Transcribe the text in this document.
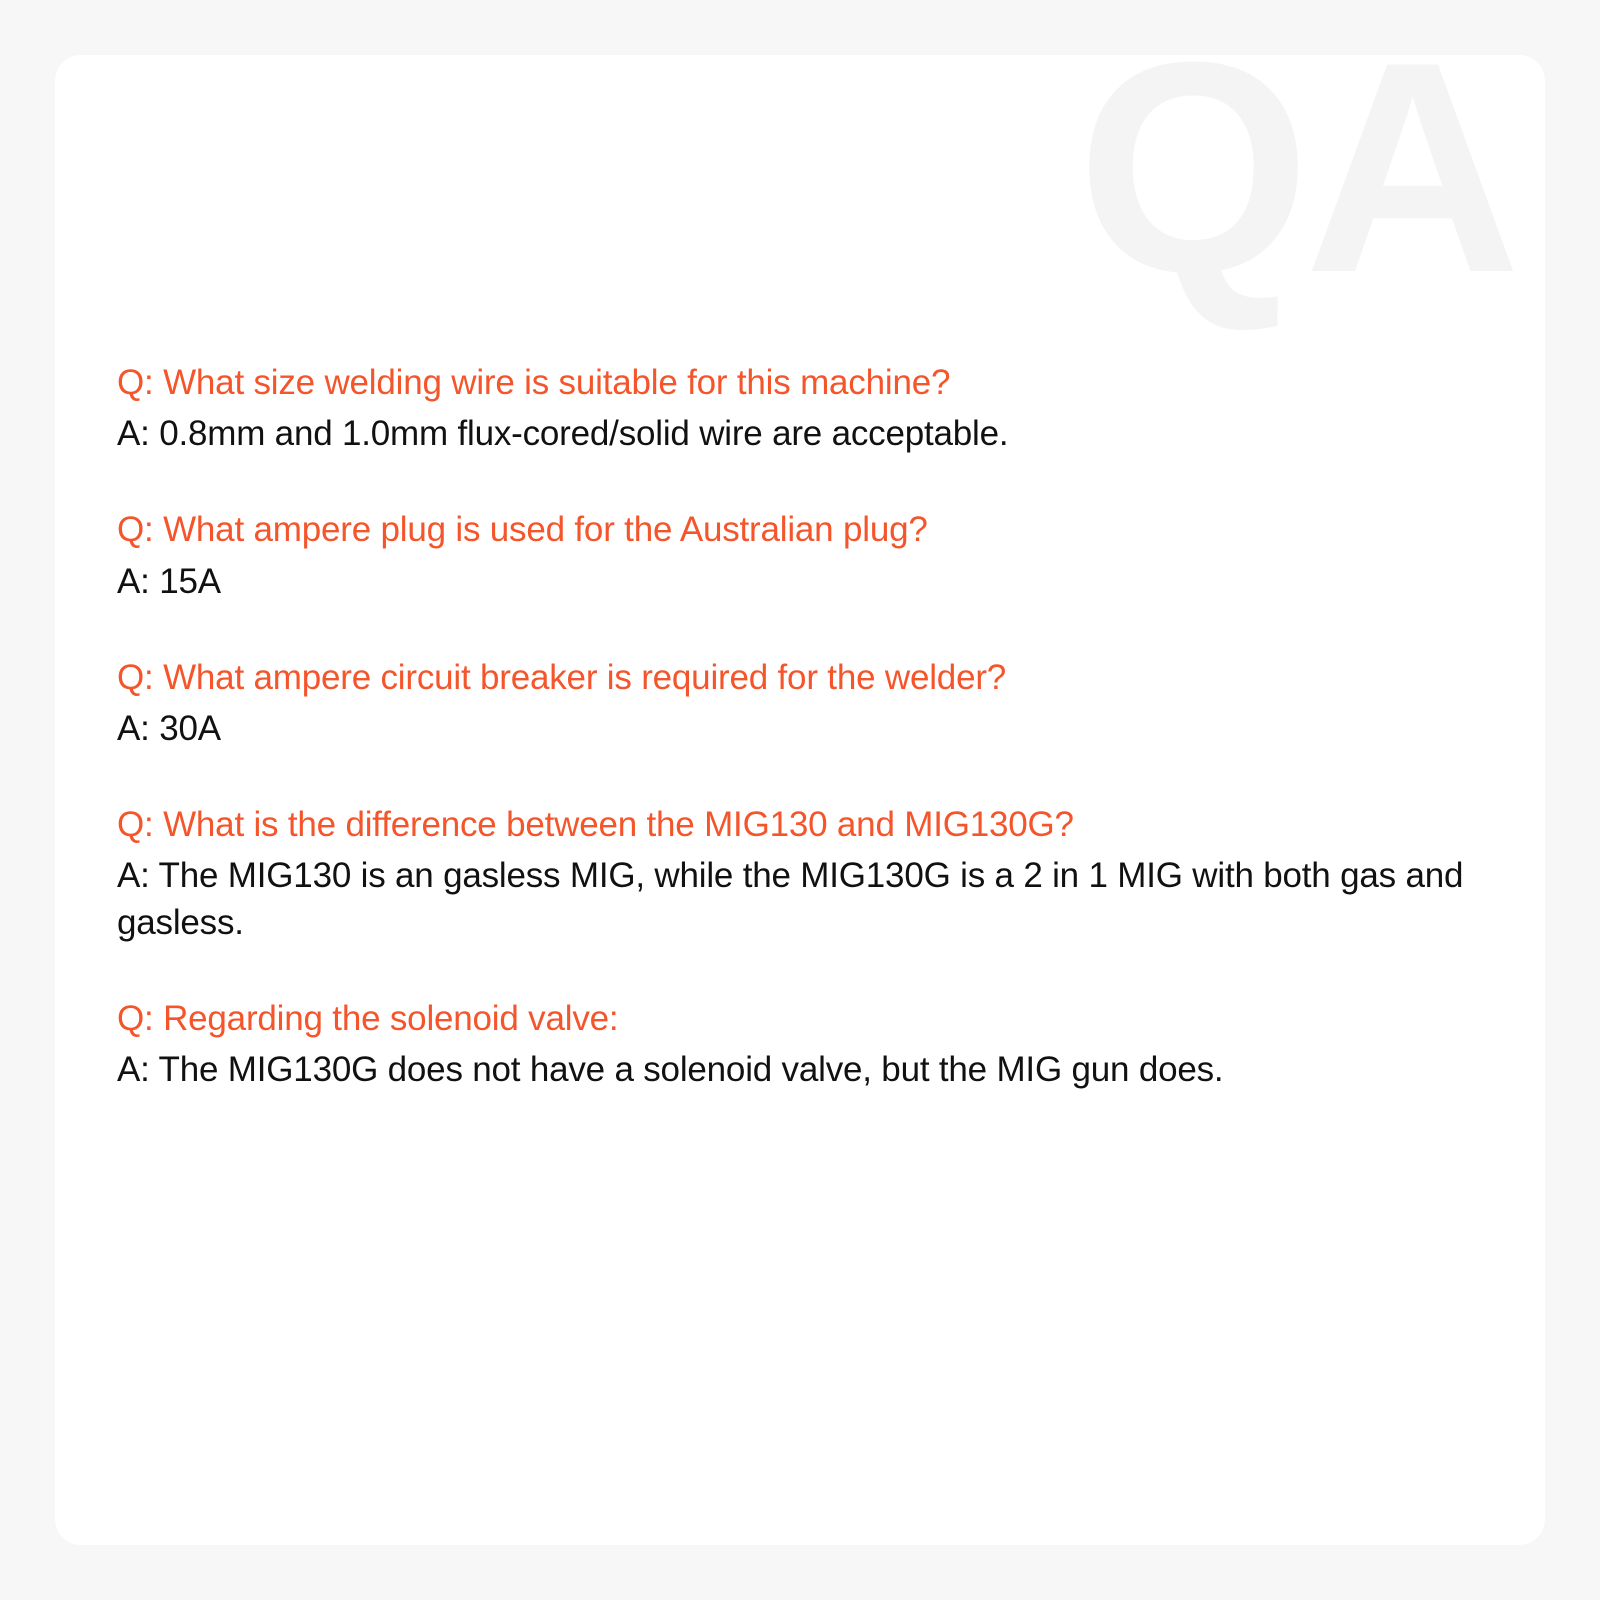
QA

Q: What size welding wire is suitable for this machine?

A: 0.8mm and 1.0mm flux-cored/solid wire are acceptable.

Q: What ampere plug is used for the Australian plug?

A: 15A

Q: What ampere circuit breaker is required for the welder?

A: 30A

Q: What is the difference between the MIG130 and MIG130G?

A: The MIG130 is an gasless MIG, while the MIG130G is a 2 in 1 MIG with both gas and gasless.

Q: Regarding the solenoid valve:

A: The MIG130G does not have a solenoid valve, but the MIG gun does.
